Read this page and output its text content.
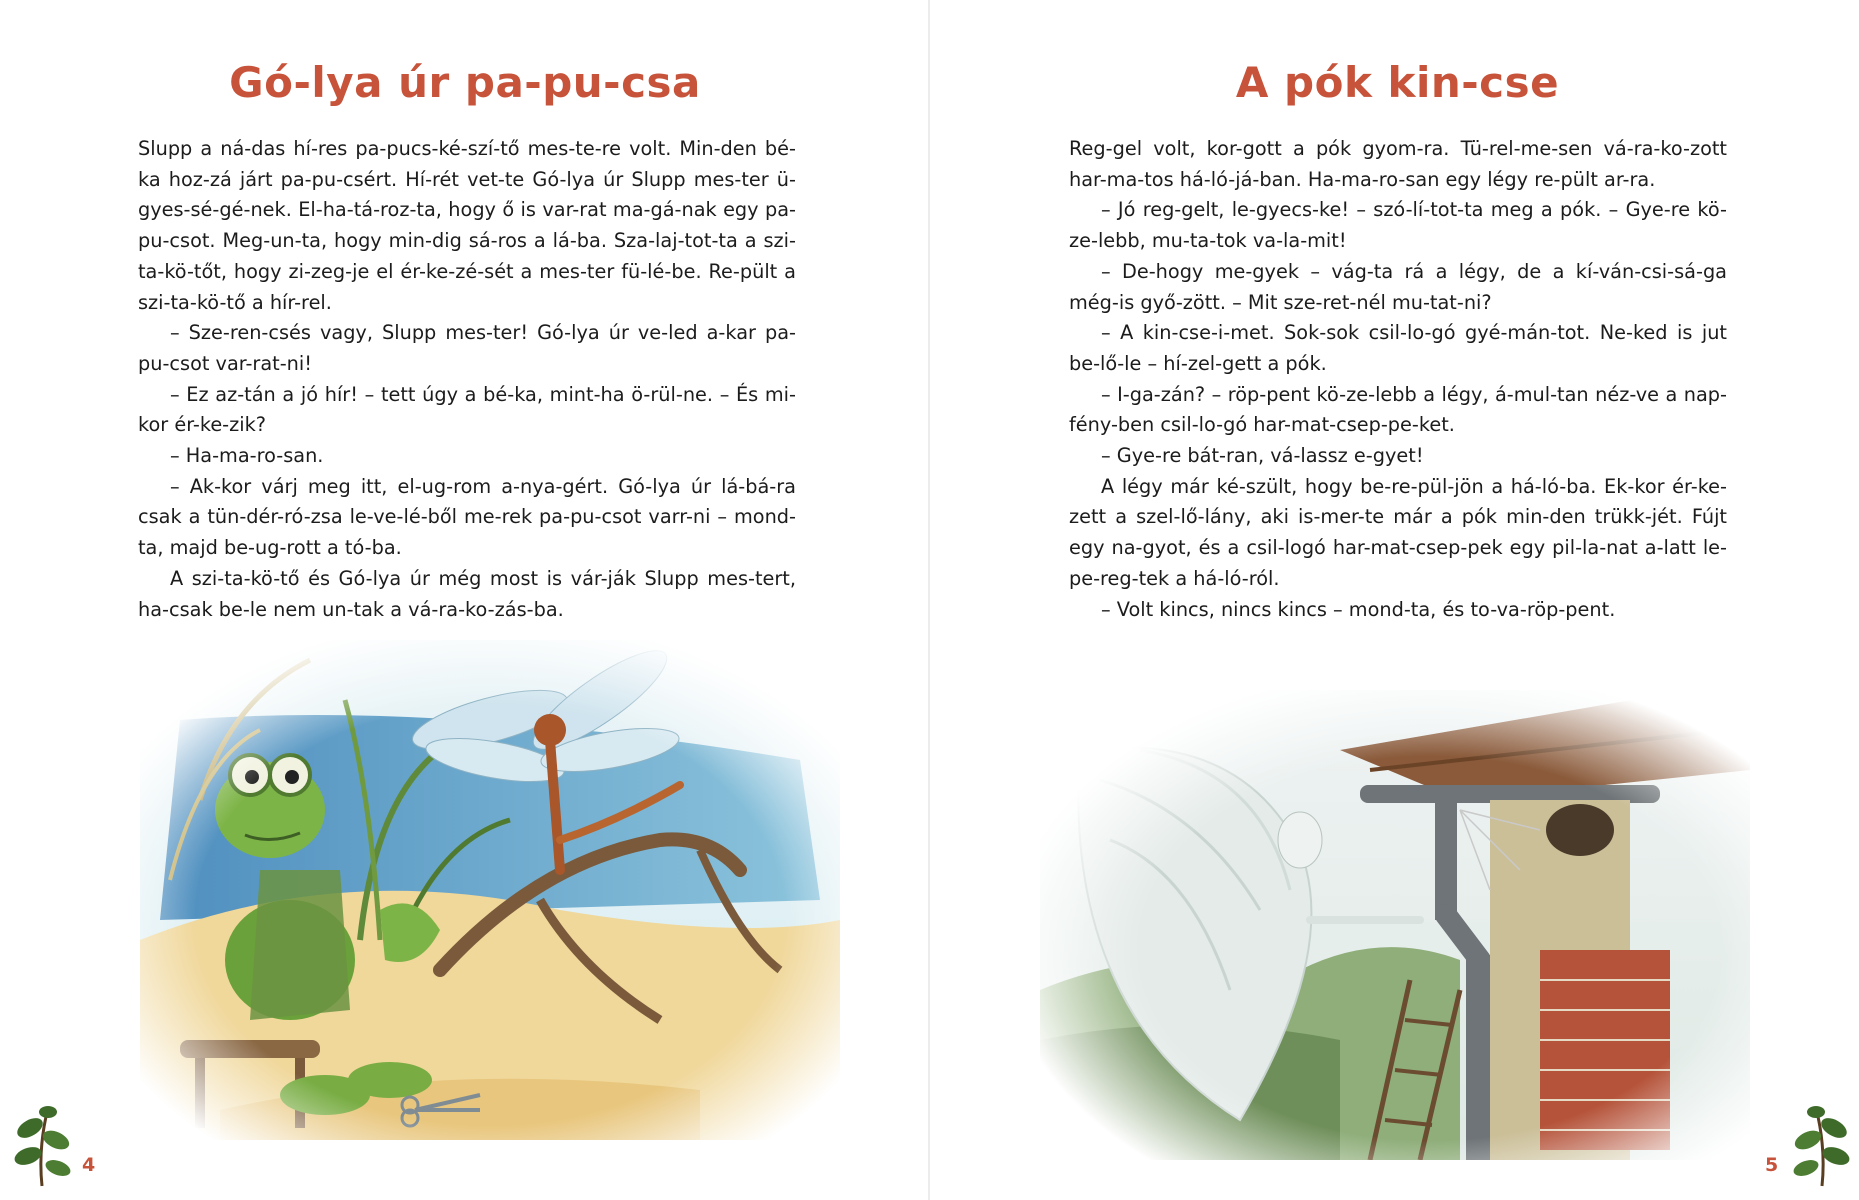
Gó-lya úr pa-pu-csa

Slupp a ná-das hí-res pa-pucs-ké-szí-tő mes-te-re volt. Min-den bé-ka hoz-zá járt pa-pu-csért. Hí-rét vet-te Gó-lya úr Slupp mes-ter ü-gyes-sé-gé-nek. El-ha-tá-roz-ta, hogy ő is var-rat ma-gá-nak egy pa-pu-csot. Meg-un-ta, hogy min-dig sá-ros a lá-ba. Sza-laj-tot-ta a szi-ta-kö-tőt, hogy zi-zeg-je el ér-ke-zé-sét a mes-ter fü-lé-be. Re-pült a szi-ta-kö-tő a hír-rel.

– Sze-ren-csés vagy, Slupp mes-ter! Gó-lya úr ve-led a-kar pa-pu-csot var-rat-ni!

– Ez az-tán a jó hír! – tett úgy a bé-ka, mint-ha ö-rül-ne. – És mi-kor ér-ke-zik?

– Ha-ma-ro-san.

– Ak-kor várj meg itt, el-ug-rom a-nya-gért. Gó-lya úr lá-bá-ra csak a tün-dér-ró-zsa le-ve-lé-ből me-rek pa-pu-csot varr-ni – mond-ta, majd be-ug-rott a tó-ba.

A szi-ta-kö-tő és Gó-lya úr még most is vár-ják Slupp mes-tert, ha-csak be-le nem un-tak a vá-ra-ko-zás-ba.

4
A pók kin-cse

Reg-gel volt, kor-gott a pók gyom-ra. Tü-rel-me-sen vá-ra-ko-zott har-ma-tos há-ló-já-ban. Ha-ma-ro-san egy légy re-pült ar-ra.

– Jó reg-gelt, le-gyecs-ke! – szó-lí-tot-ta meg a pók. – Gye-re kö-ze-lebb, mu-ta-tok va-la-mit!

– De-hogy me-gyek – vág-ta rá a légy, de a kí-ván-csi-sá-ga még-is győ-zött. – Mit sze-ret-nél mu-tat-ni?

– A kin-cse-i-met. Sok-sok csil-lo-gó gyé-mán-tot. Ne-ked is jut be-lő-le – hí-zel-gett a pók.

– I-ga-zán? – röp-pent kö-ze-lebb a légy, á-mul-tan néz-ve a nap-fény-ben csil-lo-gó har-mat-csep-pe-ket.

– Gye-re bát-ran, vá-lassz e-gyet!

A légy már ké-szült, hogy be-re-pül-jön a há-ló-ba. Ek-kor ér-ke-zett a szel-lő-lány, aki is-mer-te már a pók min-den trükk-jét. Fújt egy na-gyot, és a csil-logó har-mat-csep-pek egy pil-la-nat a-latt le-pe-reg-tek a há-ló-ról.

– Volt kincs, nincs kincs – mond-ta, és to-va-röp-pent.

5
